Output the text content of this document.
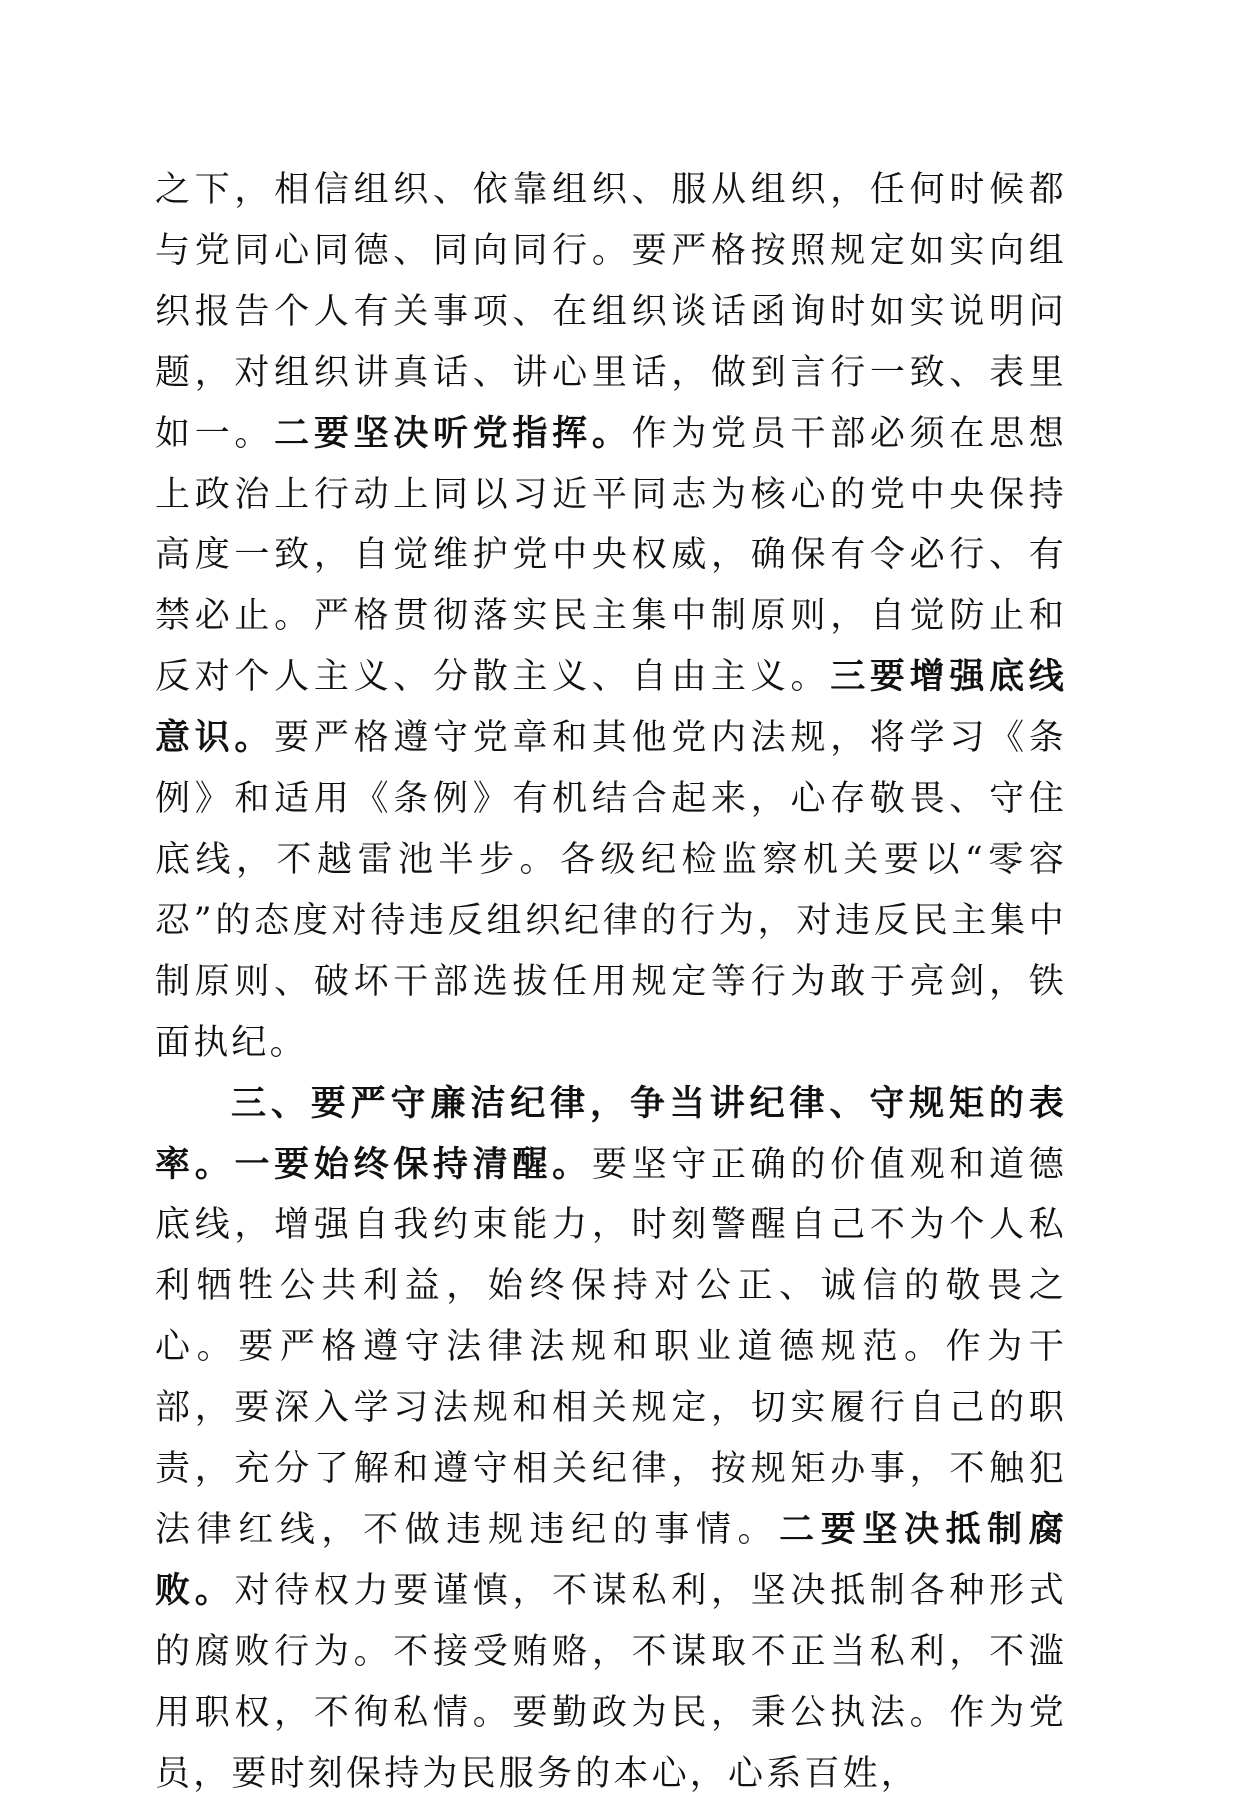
之下，相信组织、依靠组织、服从组织，任何时候都与党同心同德、同向同行。要严格按照规定如实向组织报告个人有关事项、在组织谈话函询时如实说明问题，对组织讲真话、讲心里话，做到言行一致、表里如一。二要坚决听党指挥。作为党员干部必须在思想上政治上行动上同以习近平同志为核心的党中央保持高度一致，自觉维护党中央权威，确保有令必行、有禁必止。严格贯彻落实民主集中制原则，自觉防止和反对个人主义、分散主义、自由主义。三要增强底线意识。要严格遵守党章和其他党内法规，将学习《条例》和适用《条例》有机结合起来，心存敬畏、守住底线，不越雷池半步。各级纪检监察机关要以“零容忍”的态度对待违反组织纪律的行为，对违反民主集中制原则、破坏干部选拔任用规定等行为敢于亮剑，铁面执纪。

三、要严守廉洁纪律，争当讲纪律、守规矩的表率。一要始终保持清醒。要坚守正确的价值观和道德底线，增强自我约束能力，时刻警醒自己不为个人私利牺牲公共利益，始终保持对公正、诚信的敬畏之心。要严格遵守法律法规和职业道德规范。作为干部，要深入学习法规和相关规定，切实履行自己的职责，充分了解和遵守相关纪律，按规矩办事，不触犯法律红线，不做违规违纪的事情。二要坚决抵制腐败。对待权力要谨慎，不谋私利，坚决抵制各种形式的腐败行为。不接受贿赂，不谋取不正当私利，不滥用职权，不徇私情。要勤政为民，秉公执法。作为党员，要时刻保持为民服务的本心，心系百姓，
